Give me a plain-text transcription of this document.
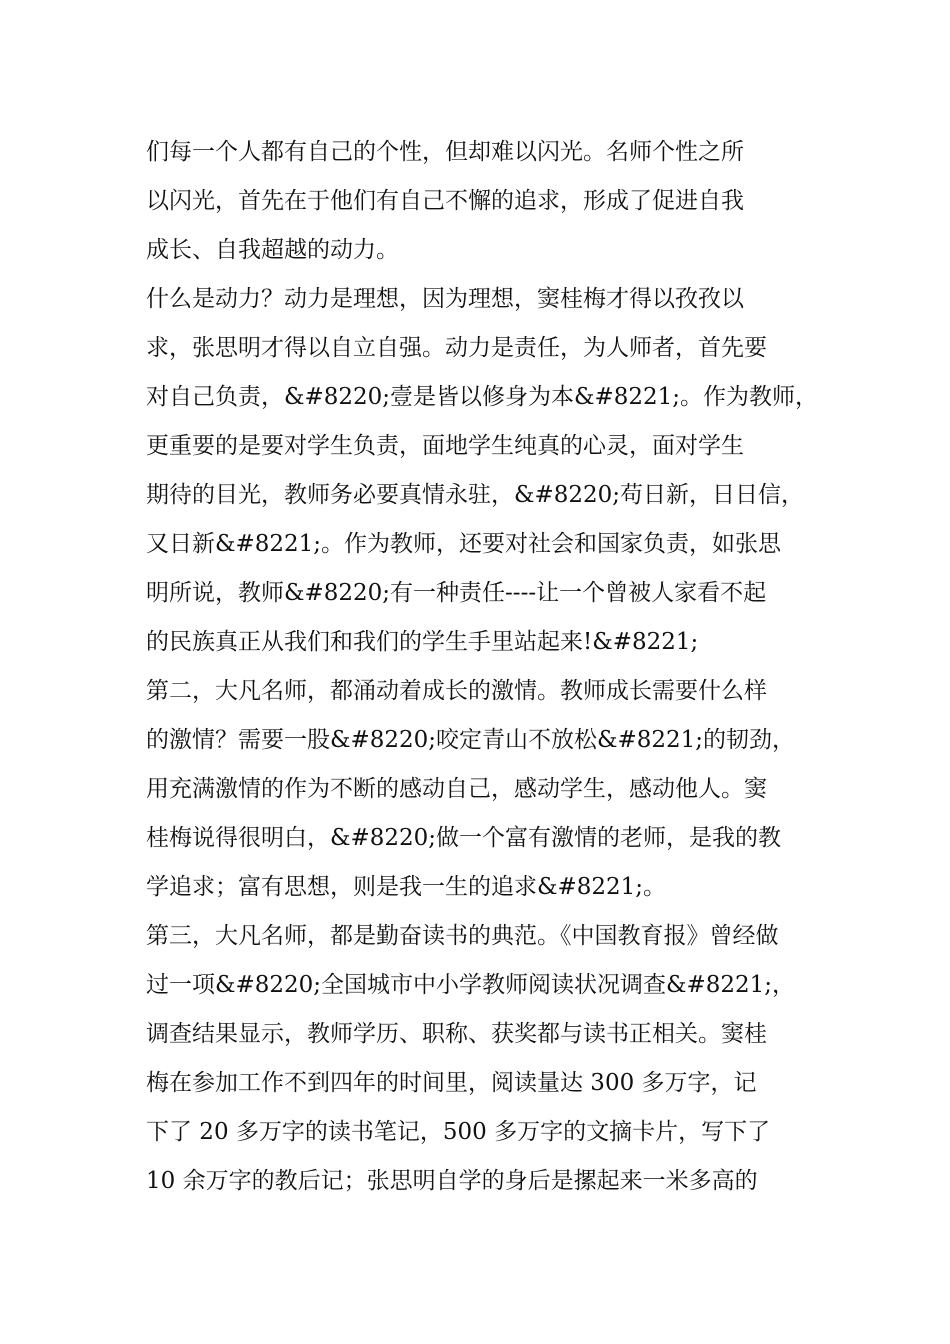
们每一个人都有自己的个性，但却难以闪光。名师个性之所
以闪光，首先在于他们有自己不懈的追求，形成了促进自我
成长、自我超越的动力。
什么是动力？动力是理想，因为理想，窦桂梅才得以孜孜以
求，张思明才得以自立自强。动力是责任，为人师者，首先要
对自己负责，&#8220;壹是皆以修身为本&#8221;。作为教师，
更重要的是要对学生负责，面地学生纯真的心灵，面对学生
期待的目光，教师务必要真情永驻，&#8220;苟日新，日日信，
又日新&#8221;。作为教师，还要对社会和国家负责，如张思
明所说，教师&#8220;有一种责任----让一个曾被人家看不起
的民族真正从我们和我们的学生手里站起来!&#8221;
第二，大凡名师，都涌动着成长的激情。教师成长需要什么样
的激情？需要一股&#8220;咬定青山不放松&#8221;的韧劲，
用充满激情的作为不断的感动自己，感动学生，感动他人。窦
桂梅说得很明白，&#8220;做一个富有激情的老师，是我的教
学追求；富有思想，则是我一生的追求&#8221;。
第三，大凡名师，都是勤奋读书的典范。《中国教育报》曾经做
过一项&#8220;全国城市中小学教师阅读状况调查&#8221;，
调查结果显示，教师学历、职称、获奖都与读书正相关。窦桂
梅在参加工作不到四年的时间里，阅读量达 300 多万字，记
下了 20 多万字的读书笔记，500 多万字的文摘卡片，写下了
10 余万字的教后记；张思明自学的身后是摞起来一米多高的
